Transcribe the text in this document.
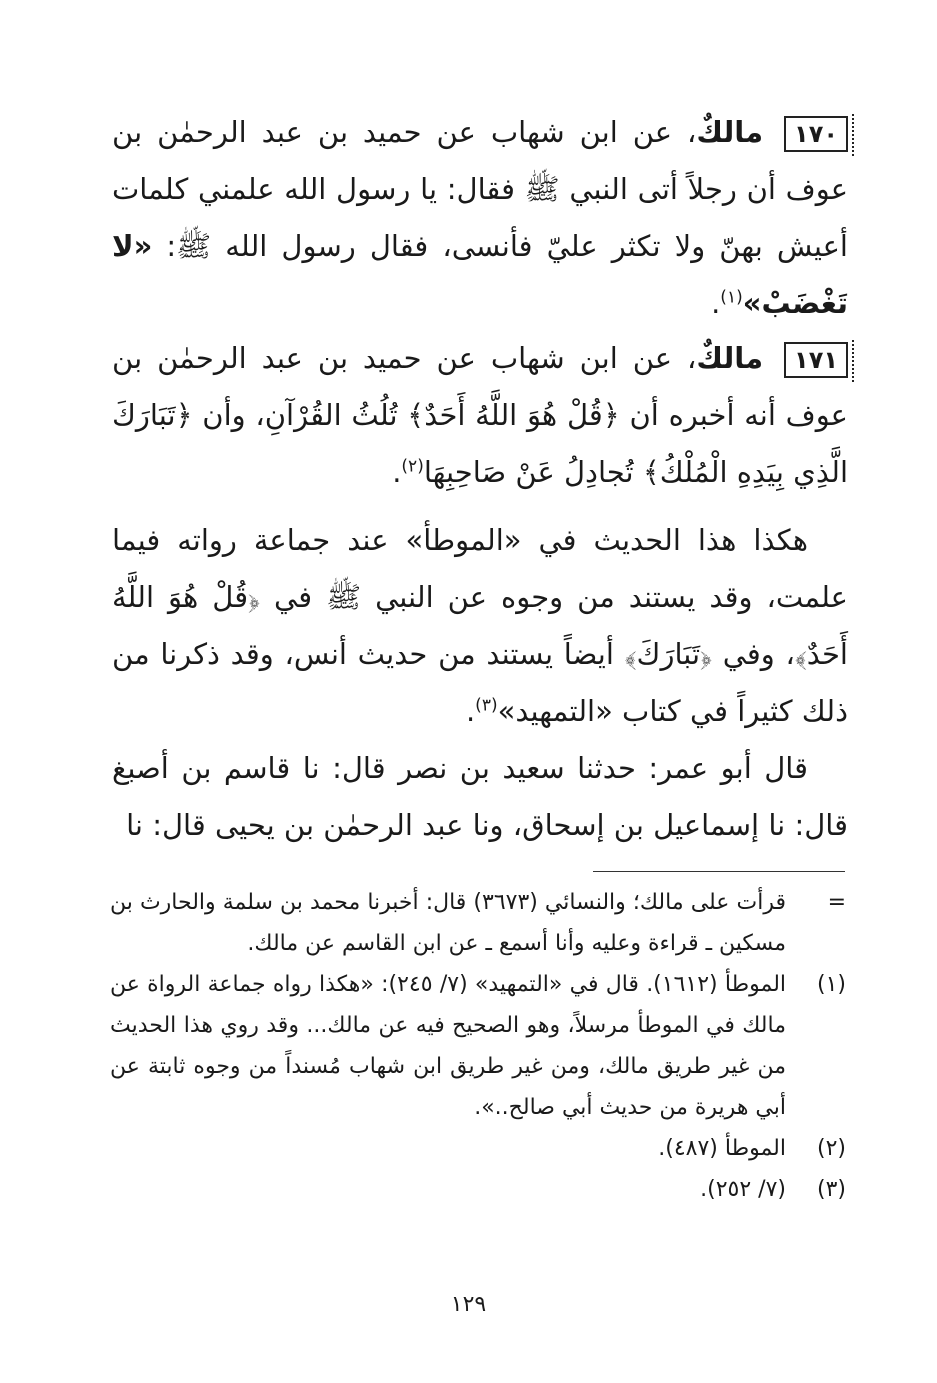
١٧٠ مالكٌ، عن ابن شهاب عن حميد بن عبد الرحمٰن بن عوف أن رجلاً أتى النبي ﷺ فقال: يا رسول الله علمني كلمات أعيش بهنّ ولا تكثر عليّ فأنسى، فقال رسول الله ﷺ: «لا تَغْضَبْ»$^{(١)}$.

١٧١ مالكٌ، عن ابن شهاب عن حميد بن عبد الرحمٰن بن عوف أنه أخبره أن ﴿قُلْ هُوَ اللَّهُ أَحَدٌ﴾ تُلُثُ القُرْآنِ، وأن ﴿تَبَارَكَ الَّذِي بِيَدِهِ الْمُلْكُ﴾ تُجادِلُ عَنْ صَاحِبِهَا$^{(٢)}$.

هكذا هذا الحديث في «الموطأ» عند جماعة رواته فيما علمت، وقد يستند من وجوه عن النبي ﷺ في ﴿قُلْ هُوَ اللَّهُ أَحَدٌ﴾، وفي ﴿تَبَارَكَ﴾ أيضاً يستند من حديث أنس، وقد ذكرنا من ذلك كثيراً في كتاب «التمهيد»$^{(٣)}$.

قال أبو عمر: حدثنا سعيد بن نصر قال: نا قاسم بن أصبغ قال: نا إسماعيل بن إسحاق، ونا عبد الرحمٰن بن يحيى قال: نا

=
قرأت على مالك؛ والنسائي (٣٦٧٣) قال: أخبرنا محمد بن سلمة والحارث بن مسكين ـ قراءة وعليه وأنا أسمع ـ عن ابن القاسم عن مالك.
(١)
الموطأ (١٦١٢). قال في «التمهيد» (٧/ ٢٤٥): «هكذا رواه جماعة الرواة عن مالك في الموطأ مرسلاً، وهو الصحيح فيه عن مالك... وقد روي هذا الحديث من غير طريق مالك، ومن غير طريق ابن شهاب مُسنداً من وجوه ثابتة عن أبي هريرة من حديث أبي صالح..».
(٢)
الموطأ (٤٨٧).
(٣)
(٧/ ٢٥٢).
١٢٩
